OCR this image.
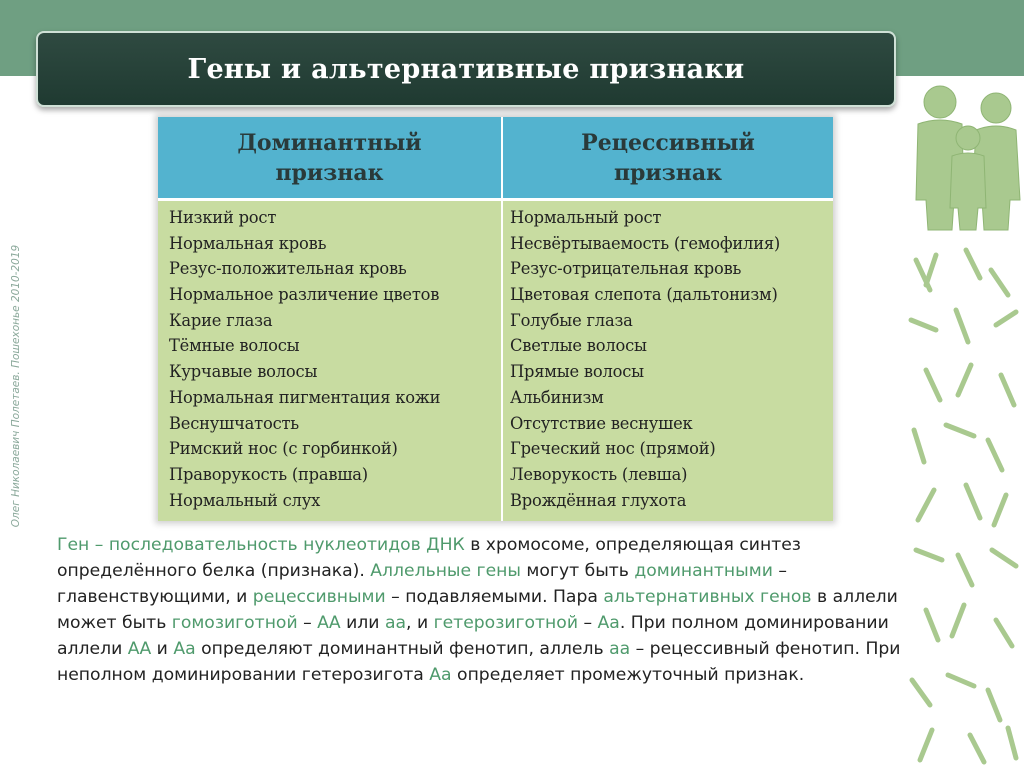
Гены и альтернативные признаки
Олег Николаевич Полетаев. Пошехонье 2010-2019
Доминантный
признак
Рецессивный
признак
Низкий рост
Нормальная кровь
Резус-положительная кровь
Нормальное различение цветов
Карие глаза
Тёмные волосы
Курчавые волосы
Нормальная пигментация кожи
Веснушчатость
Римский нос (с горбинкой)
Праворукость (правша)
Нормальный слух
Нормальный рост
Несвёртываемость (гемофилия)
Резус-отрицательная кровь
Цветовая слепота (дальтонизм)
Голубые глаза
Светлые волосы
Прямые волосы
Альбинизм
Отсутствие веснушек
Греческий нос (прямой)
Леворукость (левша)
Врождённая глухота

Ген – последовательность нуклеотидов ДНК в хромосоме, определяющая синтез определённого белка (признака). Аллельные гены могут быть доминантными – главенствующими, и рецессивными – подавляемыми. Пара альтернативных генов в аллели может быть гомозиготной – АА или аа, и гетерозиготной – Аа. При полном доминировании аллели АА и Аа определяют доминантный фенотип, аллель аа – рецессивный фенотип. При неполном доминировании гетерозигота Аа определяет промежуточный признак.
